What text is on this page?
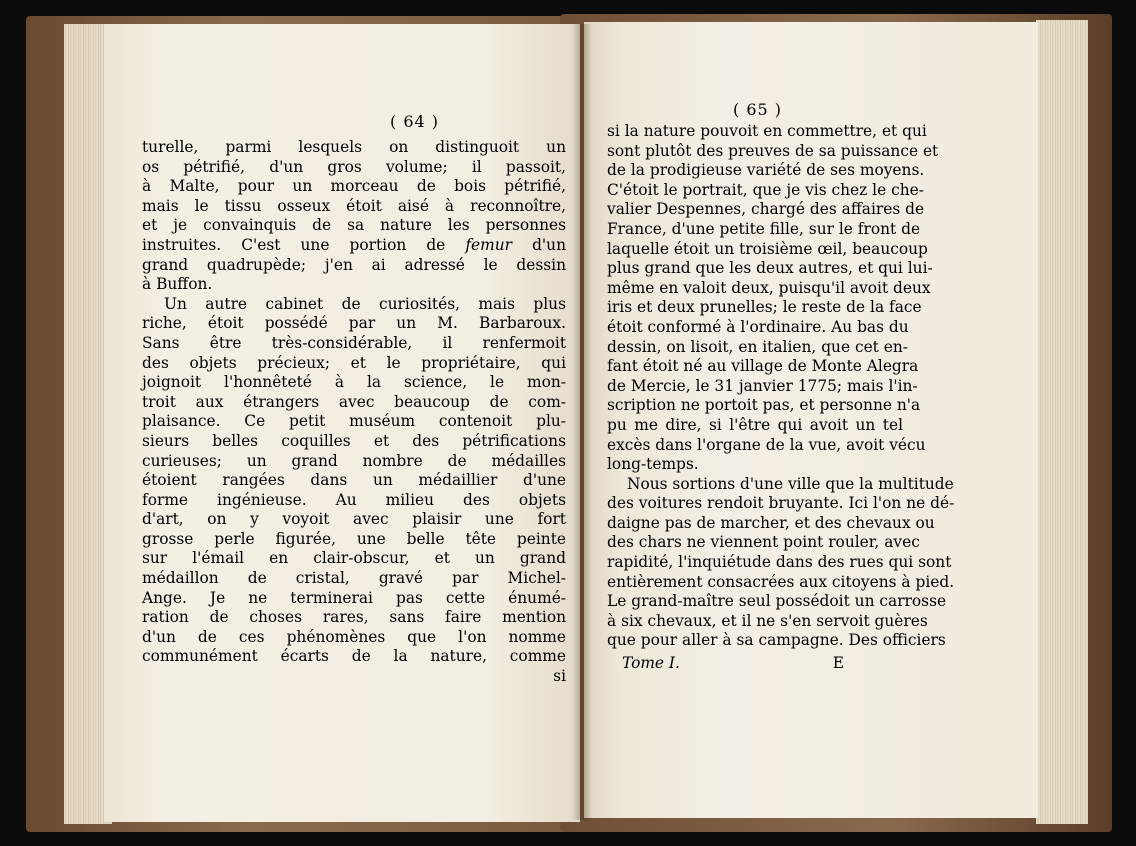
( 64 )
( 65 )
turelle, parmi lesquels on distinguoit un
os pétrifié, d'un gros volume; il passoit,
à Malte, pour un morceau de bois pétrifié,
mais le tissu osseux étoit aisé à reconnoître,
et je convainquis de sa nature les personnes
instruites. C'est une portion de femur d'un
grand quadrupède; j'en ai adressé le dessin
à Buffon.
Un autre cabinet de curiosités, mais plus
riche, étoit possédé par un M. Barbaroux.
Sans être très-considérable, il renfermoit
des objets précieux; et le propriétaire, qui
joignoit l'honnêteté à la science, le mon-
troit aux étrangers avec beaucoup de com-
plaisance. Ce petit muséum contenoit plu-
sieurs belles coquilles et des pétrifications
curieuses; un grand nombre de médailles
étoient rangées dans un médaillier d'une
forme ingénieuse. Au milieu des objets
d'art, on y voyoit avec plaisir une fort
grosse perle figurée, une belle tête peinte
sur l'émail en clair-obscur, et un grand
médaillon de cristal, gravé par Michel-
Ange. Je ne terminerai pas cette énumé-
ration de choses rares, sans faire mention
d'un de ces phénomènes que l'on nomme
communément écarts de la nature, comme
si
si la nature pouvoit en commettre, et qui
sont plutôt des preuves de sa puissance et
de la prodigieuse variété de ses moyens.
C'étoit le portrait, que je vis chez le che-
valier Despennes, chargé des affaires de
France, d'une petite fille, sur le front de
laquelle étoit un troisième œil, beaucoup
plus grand que les deux autres, et qui lui-
même en valoit deux, puisqu'il avoit deux
iris et deux prunelles; le reste de la face
étoit conformé à l'ordinaire. Au bas du
dessin, on lisoit, en italien, que cet en-
fant étoit né au village de Monte Alegra
de Mercie, le 31 janvier 1775; mais l'in-
scription ne portoit pas, et personne n'a
pu me dire, si l'être qui avoit un tel
excès dans l'organe de la vue, avoit vécu
long-temps.
Nous sortions d'une ville que la multitude
des voitures rendoit bruyante. Ici l'on ne dé-
daigne pas de marcher, et des chevaux ou
des chars ne viennent point rouler, avec
rapidité, l'inquiétude dans des rues qui sont
entièrement consacrées aux citoyens à pied.
Le grand-maître seul possédoit un carrosse
à six chevaux, et il ne s'en servoit guères
que pour aller à sa campagne. Des officiers
Tome I.	E
